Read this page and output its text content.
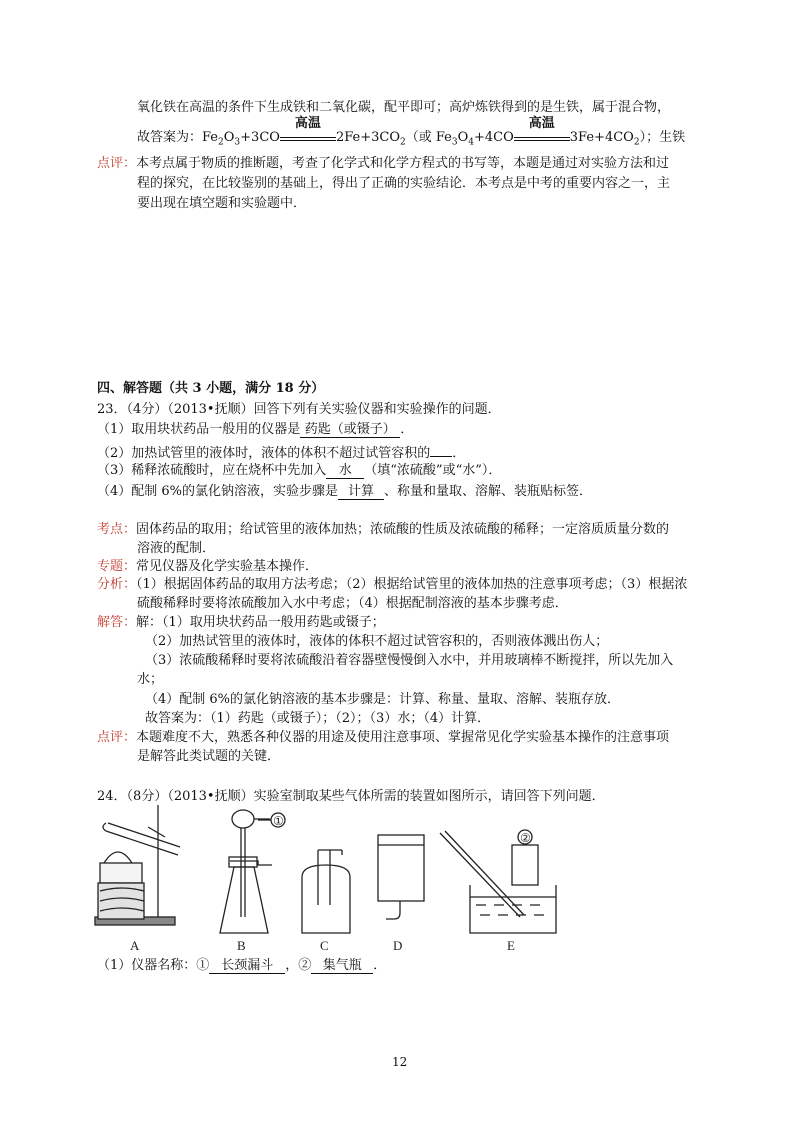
氧化铁在高温的条件下生成铁和二氧化碳，配平即可；高炉炼铁得到的是生铁，属于混合物，
故答案为：$Fe_2O_3+3CO$
高温
$2Fe+3CO_2$（或 $Fe_3O_4+4CO$
高温
$3Fe+4CO_2$）；生铁
点评：本考点属于物质的推断题，考查了化学式和化学方程式的书写等，本题是通过对实验方法和过
程的探究，在比较鉴别的基础上，得出了正确的实验结论．本考点是中考的重要内容之一，主
要出现在填空题和实验题中．
四、解答题（共 3 小题，满分 18 分）
23．（4分）（2013•抚顺）回答下列有关实验仪器和实验操作的问题．
（1）取用块状药品一般用的仪器是 药匙（或镊子） ．
（2）加热试管里的液体时，液体的体积不超过试管容积的 ．
（3）稀释浓硫酸时，应在烧杯中先加入 水 （填“浓硫酸”或“水”）．
（4）配制 6%的氯化钠溶液，实验步骤是 计算 、称量和量取、溶解、装瓶贴标签．
考点：固体药品的取用；给试管里的液体加热；浓硫酸的性质及浓硫酸的稀释；一定溶质质量分数的
溶液的配制．
专题：常见仪器及化学实验基本操作．
分析：（1）根据固体药品的取用方法考虑；（2）根据给试管里的液体加热的注意事项考虑；（3）根据浓
硫酸稀释时要将浓硫酸加入水中考虑；（4）根据配制溶液的基本步骤考虑．
解答：解：（1）取用块状药品一般用药匙或镊子；
（2）加热试管里的液体时，液体的体积不超过试管容积的，否则液体溅出伤人；
（3）浓硫酸稀释时要将浓硫酸沿着容器壁慢慢倒入水中，并用玻璃棒不断搅拌，所以先加入
水；
（4）配制 6%的氯化钠溶液的基本步骤是：计算、称量、量取、溶解、装瓶存放．
故答案为：（1）药匙（或镊子）；（2）；（3）水；（4）计算．
点评：本题难度不大，熟悉各种仪器的用途及使用注意事项、掌握常见化学实验基本操作的注意事项
是解答此类试题的关键．
24．（8分）（2013•抚顺）实验室制取某些气体所需的装置如图所示，请回答下列问题．
①
②
A	B	C	D	E
（1）仪器名称：① 长颈漏斗 ，② 集气瓶 ．
12
